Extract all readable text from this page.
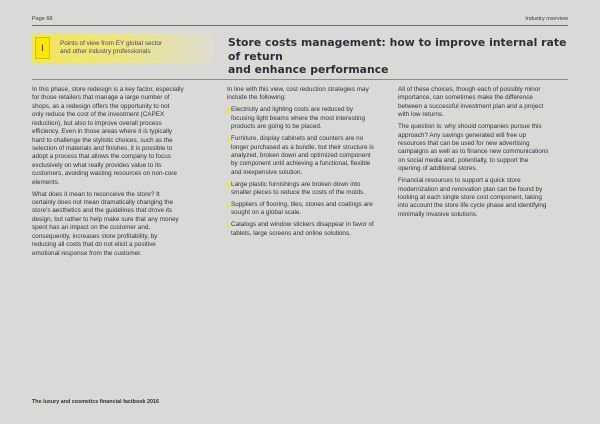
Page 68	Industry overview
I	Points of view from EY global sector
and other industry professionals
Store costs management: how to improve internal rate of return
and enhance performance

In this phase, store redesign is a key factor, especially
for those retailers that manage a large number of
shops, as a redesign offers the opportunity to not
only reduce the cost of the investment (CAPEX
reduction), but also to improve overall process
efficiency. Even in those areas where it is typically
hard to challenge the stylistic choices, such as the
selection of materials and finishes, it is possible to
adopt a process that allows the company to focus
exclusively on what really provides value to its
customers, avoiding wasting resources on non-core
elements.

What does it mean to reconceive the store? It
certainly does not mean dramatically changing the
store's aesthetics and the guidelines that drove its
design, but rather to help make sure that any money
spent has an impact on the customer and,
consequently, increases store profitability, by
reducing all costs that do not elicit a positive
emotional response from the customer.

In line with this view, cost reduction strategies may
include the following:

Electricity and lighting costs are reduced by
focusing light beams where the most interesting
products are going to be placed.
Furniture, display cabinets and counters are no
longer purchased as a bundle, but their structure is
analyzed, broken down and optimized component
by component until achieving a functional, flexible
and inexpensive solution.
Large plastic furnishings are broken down into
smaller pieces to reduce the costs of the molds.
Suppliers of flooring, tiles, stones and coatings are
sought on a global scale.
Catalogs and window stickers disappear in favor of
tablets, large screens and online solutions.

All of these choices, though each of possibly minor
importance, can sometimes make the difference
between a successful investment plan and a project
with low returns.

The question is: why should companies pursue this
approach? Any savings generated will free up
resources that can be used for new advertising
campaigns as well as to finance new communications
on social media and, potentially, to support the
opening of additional stores.

Financial resources to support a quick store
modernization and renovation plan can be found by
looking at each single store cost component, taking
into account the store life cycle phase and identifying
minimally invasive solutions.

The luxury and cosmetics financial factbook 2016
